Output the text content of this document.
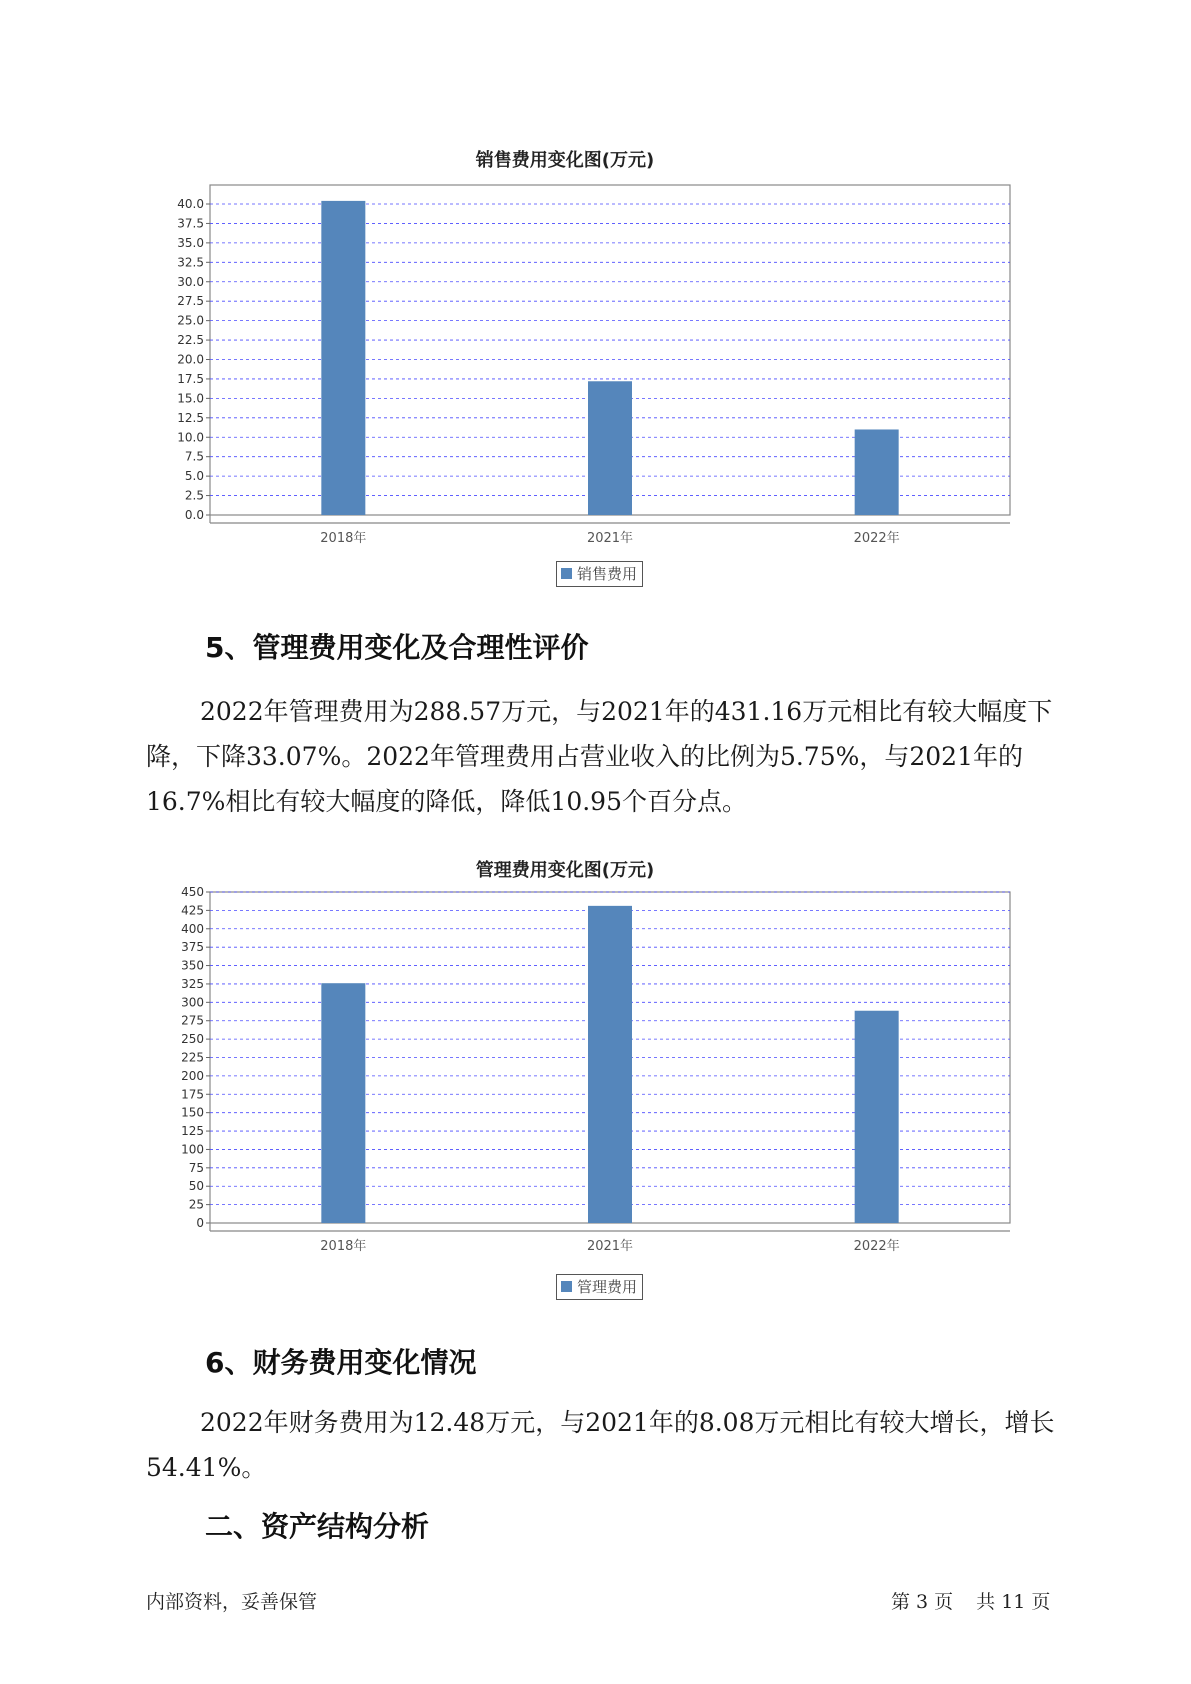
销售费用变化图(万元)
0.0
2.5
5.0
7.5
10.0
12.5
15.0
17.5
20.0
22.5
25.0
27.5
30.0
32.5
35.0
37.5
40.0
2018年	2021年	2022年
销售费用
5、管理费用变化及合理性评价

2022年管理费用为288.57万元，与2021年的431.16万元相比有较大幅度下降，下降33.07%。2022年管理费用占营业收入的比例为5.75%，与2021年的16.7%相比有较大幅度的降低，降低10.95个百分点。

管理费用变化图(万元)
0
25
50
75
100
125
150
175
200
225
250
275
300
325
350
375
400
425
450
2018年	2021年	2022年
管理费用
6、财务费用变化情况

2022年财务费用为12.48万元，与2021年的8.08万元相比有较大增长，增长54.41%。

二、资产结构分析
内部资料，妥善保管	第 3 页 共 11 页
